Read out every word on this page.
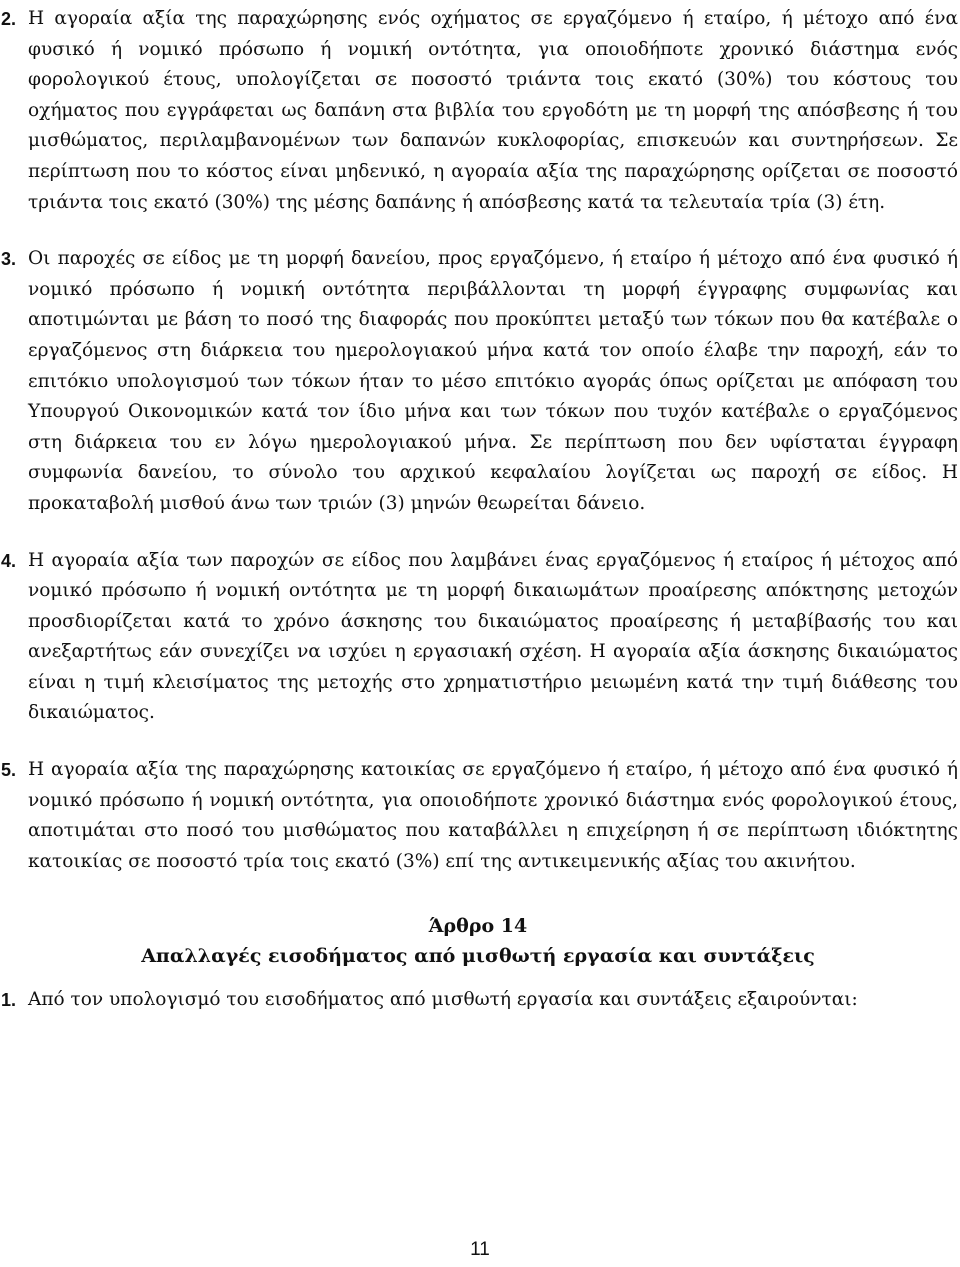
2. Η αγοραία αξία της παραχώρησης ενός οχήματος σε εργαζόμενο ή εταίρο, ή μέτοχο από ένα φυσικό ή νομικό πρόσωπο ή νομική οντότητα, για οποιοδήποτε χρονικό διάστημα ενός φορολογικού έτους, υπολογίζεται σε ποσοστό τριάντα τοις εκατό (30%) του κόστους του οχήματος που εγγράφεται ως δαπάνη στα βιβλία του εργοδότη με τη μορφή της απόσβεσης ή του μισθώματος, περιλαμβανομένων των δαπανών κυκλοφορίας, επισκευών και συντηρήσεων. Σε περίπτωση που το κόστος είναι μηδενικό, η αγοραία αξία της παραχώρησης ορίζεται σε ποσοστό τριάντα τοις εκατό (30%) της μέσης δαπάνης ή απόσβεσης κατά τα τελευταία τρία (3) έτη.

3. Οι παροχές σε είδος με τη μορφή δανείου, προς εργαζόμενο, ή εταίρο ή μέτοχο από ένα φυσικό ή νομικό πρόσωπο ή νομική οντότητα περιβάλλονται τη μορφή έγγραφης συμφωνίας και αποτιμώνται με βάση το ποσό της διαφοράς που προκύπτει μεταξύ των τόκων που θα κατέβαλε ο εργαζόμενος στη διάρκεια του ημερολογιακού μήνα κατά τον οποίο έλαβε την παροχή, εάν το επιτόκιο υπολογισμού των τόκων ήταν το μέσο επιτόκιο αγοράς όπως ορίζεται με απόφαση του Υπουργού Οικονομικών κατά τον ίδιο μήνα και των τόκων που τυχόν κατέβαλε ο εργαζόμενος στη διάρκεια του εν λόγω ημερολογιακού μήνα. Σε περίπτωση που δεν υφίσταται έγγραφη συμφωνία δανείου, το σύνολο του αρχικού κεφαλαίου λογίζεται ως παροχή σε είδος. Η προκαταβολή μισθού άνω των τριών (3) μηνών θεωρείται δάνειο.

4. Η αγοραία αξία των παροχών σε είδος που λαμβάνει ένας εργαζόμενος ή εταίρος ή μέτοχος από νομικό πρόσωπο ή νομική οντότητα με τη μορφή δικαιωμάτων προαίρεσης απόκτησης μετοχών προσδιορίζεται κατά το χρόνο άσκησης του δικαιώματος προαίρεσης ή μεταβίβασής του και ανεξαρτήτως εάν συνεχίζει να ισχύει η εργασιακή σχέση. Η αγοραία αξία άσκησης δικαιώματος είναι η τιμή κλεισίματος της μετοχής στο χρηματιστήριο μειωμένη κατά την τιμή διάθεσης του δικαιώματος.

5. Η αγοραία αξία της παραχώρησης κατοικίας σε εργαζόμενο ή εταίρο, ή μέτοχο από ένα φυσικό ή νομικό πρόσωπο ή νομική οντότητα, για οποιοδήποτε χρονικό διάστημα ενός φορολογικού έτους, αποτιμάται στο ποσό του μισθώματος που καταβάλλει η επιχείρηση ή σε περίπτωση ιδιόκτητης κατοικίας σε ποσοστό τρία τοις εκατό (3%) επί της αντικειμενικής αξίας του ακινήτου.

Άρθρο 14
Απαλλαγές εισοδήματος από μισθωτή εργασία και συντάξεις

1. Από τον υπολογισμό του εισοδήματος από μισθωτή εργασία και συντάξεις εξαιρούνται:

11
